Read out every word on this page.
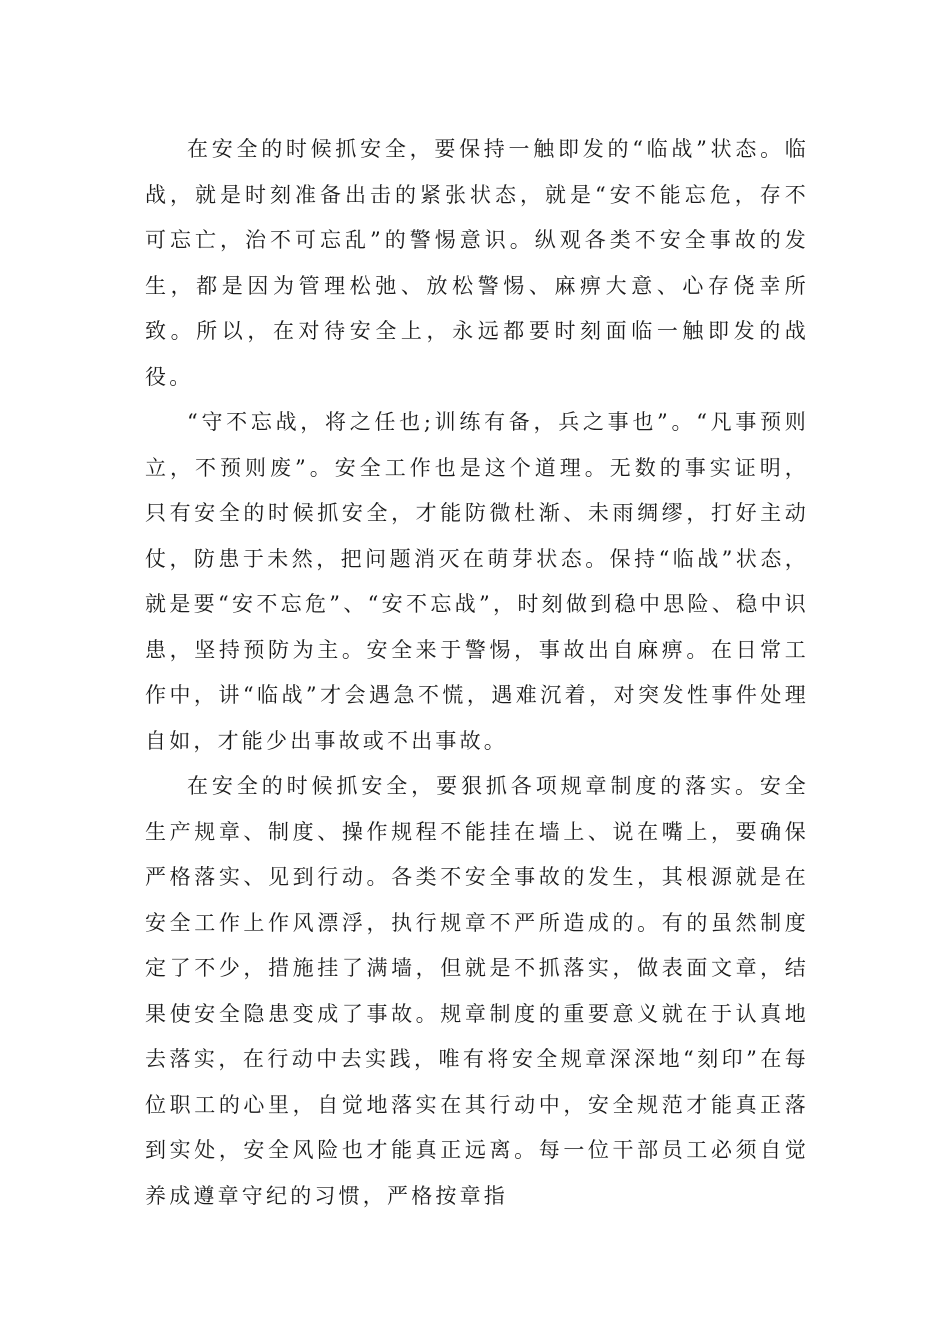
在安全的时候抓安全，要保持一触即发的“临战”状态。临战，就是时刻准备出击的紧张状态，就是“安不能忘危，存不可忘亡，治不可忘乱”的警惕意识。纵观各类不安全事故的发生，都是因为管理松弛、放松警惕、麻痹大意、心存侥幸所致。所以，在对待安全上，永远都要时刻面临一触即发的战役。

“守不忘战，将之任也;训练有备，兵之事也”。“凡事预则立，不预则废”。安全工作也是这个道理。无数的事实证明，只有安全的时候抓安全，才能防微杜渐、未雨绸缪，打好主动仗，防患于未然，把问题消灭在萌芽状态。保持“临战”状态，就是要“安不忘危”、“安不忘战”，时刻做到稳中思险、稳中识患，坚持预防为主。安全来于警惕，事故出自麻痹。在日常工作中，讲“临战”才会遇急不慌，遇难沉着，对突发性事件处理自如，才能少出事故或不出事故。

在安全的时候抓安全，要狠抓各项规章制度的落实。安全生产规章、制度、操作规程不能挂在墙上、说在嘴上，要确保严格落实、见到行动。各类不安全事故的发生，其根源就是在安全工作上作风漂浮，执行规章不严所造成的。有的虽然制度定了不少，措施挂了满墙，但就是不抓落实，做表面文章，结果使安全隐患变成了事故。规章制度的重要意义就在于认真地去落实，在行动中去实践，唯有将安全规章深深地“刻印”在每位职工的心里，自觉地落实在其行动中，安全规范才能真正落到实处，安全风险也才能真正远离。每一位干部员工必须自觉养成遵章守纪的习惯，严格按章指
